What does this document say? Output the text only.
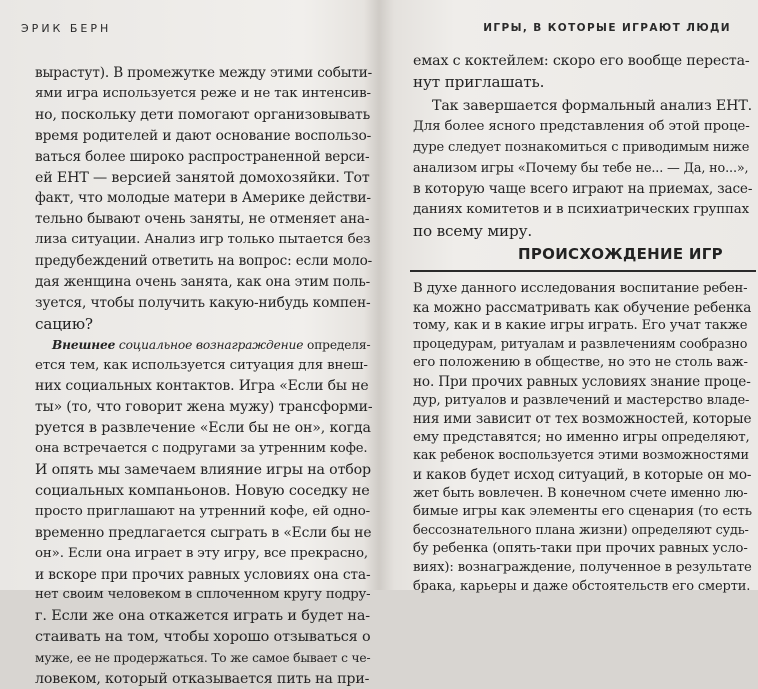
ЭРИК БЕРН
вырастут). В промежутке между этими событи-
ями игра используется реже и не так интенсив-
но, поскольку дети помогают организовывать
время родителей и дают основание воспользо-
ваться более широко распространенной верси-
ей ЕНТ — версией занятой домохозяйки. Тот
факт, что молодые матери в Америке действи-
тельно бывают очень заняты, не отменяет ана-
лиза ситуации. Анализ игр только пытается без
предубеждений ответить на вопрос: если моло-
дая женщина очень занята, как она этим поль-
зуется, чтобы получить какую-нибудь компен-
сацию?
Внешнее социальное вознаграждение определя-
ется тем, как используется ситуация для внеш-
них социальных контактов. Игра «Если бы не
ты» (то, что говорит жена мужу) трансформи-
руется в развлечение «Если бы не он», когда
она встречается с подругами за утренним кофе.
И опять мы замечаем влияние игры на отбор
социальных компаньонов. Новую соседку не
просто приглашают на утренний кофе, ей одно-
временно предлагается сыграть в «Если бы не
он». Если она играет в эту игру, все прекрасно,
и вскоре при прочих равных условиях она ста-
нет своим человеком в сплоченном кругу подру-
г. Если же она откажется играть и будет на-
стаивать на том, чтобы хорошо отзываться о
муже, ее не продержаться. То же самое бывает с че-
ловеком, который отказывается пить на при-
ИГРЫ, В КОТОРЫЕ ИГРАЮТ ЛЮДИ
емах с коктейлем: скоро его вообще переста-
нут приглашать.
Так завершается формальный анализ ЕНТ.
Для более ясного представления об этой проце-
дуре следует познакомиться с приводимым ниже
анализом игры «Почему бы тебе не... — Да, но...»,
в которую чаще всего играют на приемах, засе-
даниях комитетов и в психиатрических группах
по всему миру.
В духе данного исследования воспитание ребен-
ка можно рассматривать как обучение ребенка
тому, как и в какие игры играть. Его учат также
процедурам, ритуалам и развлечениям сообразно
его положению в обществе, но это не столь важ-
но. При прочих равных условиях знание проце-
дур, ритуалов и развлечений и мастерство владе-
ния ими зависит от тех возможностей, которые
ему представятся; но именно игры определяют,
как ребенок воспользуется этими возможностями
и каков будет исход ситуаций, в которые он мо-
жет быть вовлечен. В конечном счете именно лю-
бимые игры как элементы его сценария (то есть
бессознательного плана жизни) определяют судь-
бу ребенка (опять-таки при прочих равных усло-
виях): вознаграждение, полученное в результате
брака, карьеры и даже обстоятельств его смерти.
ПРОИСХОЖДЕНИЕ ИГР
